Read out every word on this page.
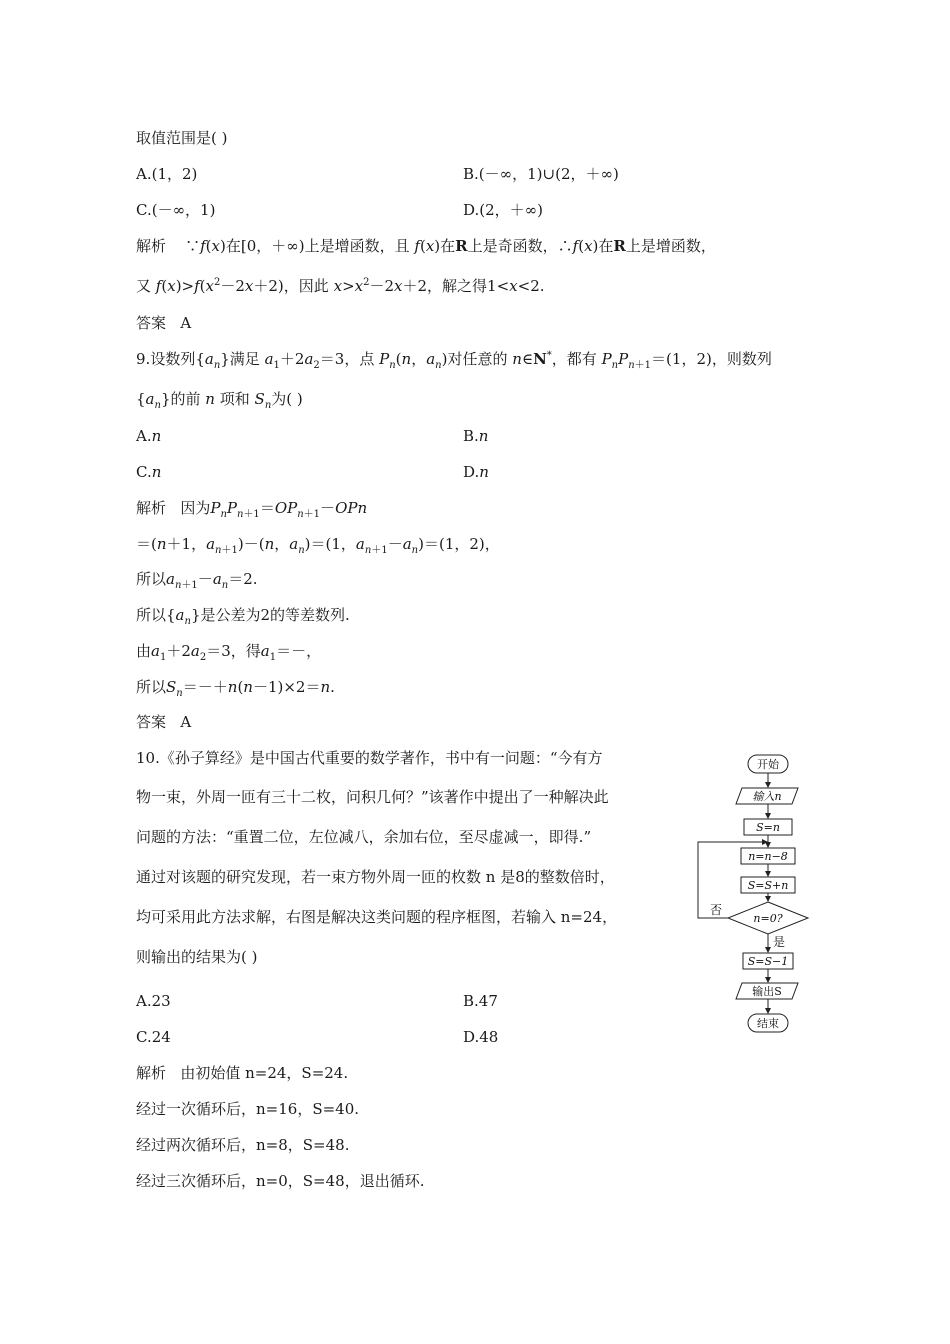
取值范围是( )
A.(1，2)	B.(－∞，1)∪(2，＋∞)
C.(－∞，1)	D.(2，＋∞)
解析 ∵f(x)在[0，＋∞)上是增函数，且 f(x)在R上是奇函数，∴f(x)在R上是增函数，
又 $f(x)>f(x^2-2x+2)$，因此 $x>x^2-2x+2$，解之得1<x<2.
答案 A
9.设数列$\{a_n\}$满足 $a_1+2a_2=3$，点 $P_n(n$，$a_n$)对任意的 n∈N*，都有 $P_nP_{n+1}=(1$，2)，则数列
$\{a_n\}$的前 n 项和 $S_n$为( )
A.n	B.n
C.n	D.n
解析 因为$P_nP_{n+1}=OP_{n+1}-OPn$
＝(n＋1，$a_{n+1})-(n$，$a_n)=(1$，$a_{n+1}-a_n)=(1$，2)，
所以$a_{n+1}-a_n=2$.
所以$\{a_n\}$是公差为2的等差数列.
由$a_1+2a_2=3$，得$a_1=-$，
所以$S_n=-+n(n-1)\times 2=n$.
答案 A
10.《孙子算经》是中国古代重要的数学著作，书中有一问题：“今有方
物一束，外周一匝有三十二枚，问积几何？”该著作中提出了一种解决此
问题的方法：“重置二位，左位减八，余加右位，至尽虚减一，即得.”
通过对该题的研究发现，若一束方物外周一匝的枚数 n 是8的整数倍时，
均可采用此方法求解，右图是解决这类问题的程序框图，若输入 n=24，
则输出的结果为( )
A.23	B.47
C.24	D.48
解析 由初始值 n=24，S=24.
经过一次循环后，n=16，S=40.
经过两次循环后，n=8，S=48.
经过三次循环后，n=0，S=48，退出循环.
开始
输入n
S=n
n=n−8
S=S+n
n=0?
否
是
S=S−1
输出S
结束
